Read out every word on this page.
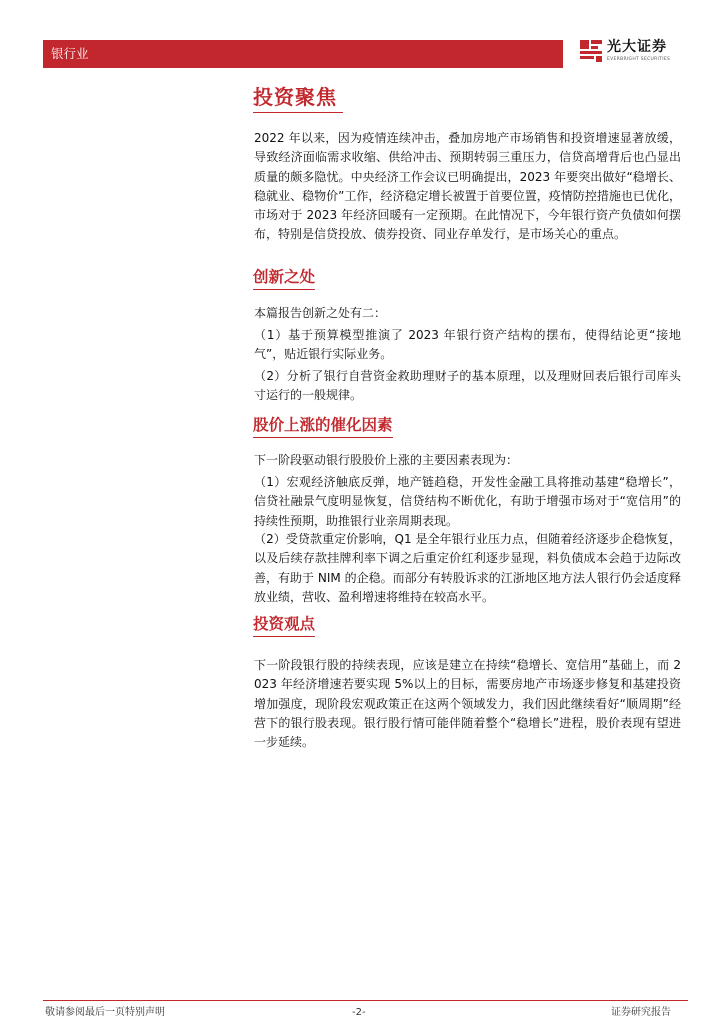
银行业	光大证券
EVERBRIGHT SECURITIES
投资聚焦

2022 年以来，因为疫情连续冲击，叠加房地产市场销售和投资增速显著放缓，导致经济面临需求收缩、供给冲击、预期转弱三重压力，信贷高增背后也凸显出质量的颇多隐忧。中央经济工作会议已明确提出，2023 年要突出做好“稳增长、稳就业、稳物价”工作，经济稳定增长被置于首要位置，疫情防控措施也已优化，市场对于 2023 年经济回暖有一定预期。在此情况下，今年银行资产负债如何摆布，特别是信贷投放、债券投资、同业存单发行，是市场关心的重点。

创新之处

本篇报告创新之处有二：

（1）基于预算模型推演了 2023 年银行资产结构的摆布，使得结论更“接地气”，贴近银行实际业务。

（2）分析了银行自营资金救助理财子的基本原理，以及理财回表后银行司库头寸运行的一般规律。

股价上涨的催化因素

下一阶段驱动银行股股价上涨的主要因素表现为：

（1）宏观经济触底反弹，地产链趋稳，开发性金融工具将推动基建“稳增长”，信贷社融景气度明显恢复，信贷结构不断优化，有助于增强市场对于“宽信用”的持续性预期，助推银行业亲周期表现。

（2）受贷款重定价影响，Q1 是全年银行业压力点，但随着经济逐步企稳恢复，以及后续存款挂牌利率下调之后重定价红利逐步显现，料负债成本会趋于边际改善，有助于 NIM 的企稳。而部分有转股诉求的江浙地区地方法人银行仍会适度释放业绩，营收、盈利增速将维持在较高水平。

投资观点

下一阶段银行股的持续表现，应该是建立在持续“稳增长、宽信用”基础上，而 2023 年经济增速若要实现 5%以上的目标，需要房地产市场逐步修复和基建投资增加强度，现阶段宏观政策正在这两个领域发力，我们因此继续看好“顺周期”经营下的银行股表现。银行股行情可能伴随着整个“稳增长”进程，股价表现有望进一步延续。

敬请参阅最后一页特别声明	-2-	证券研究报告
